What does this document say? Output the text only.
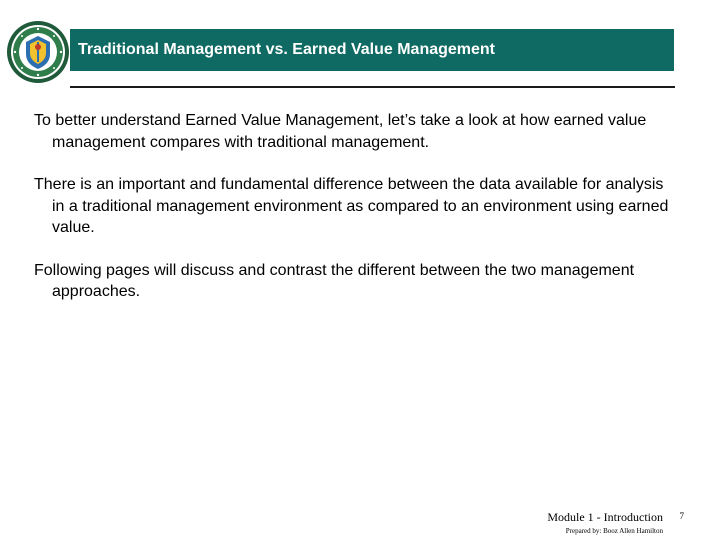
Traditional Management vs. Earned Value Management

To better understand Earned Value Management, let’s take a look at how earned value management compares with traditional management.

There is an important and fundamental difference between the data available for analysis in a traditional management environment as compared to an environment using earned value.

Following pages will discuss and contrast the different between the two management approaches.

Module 1 - Introduction 7
Prepared by: Booz Allen Hamilton
